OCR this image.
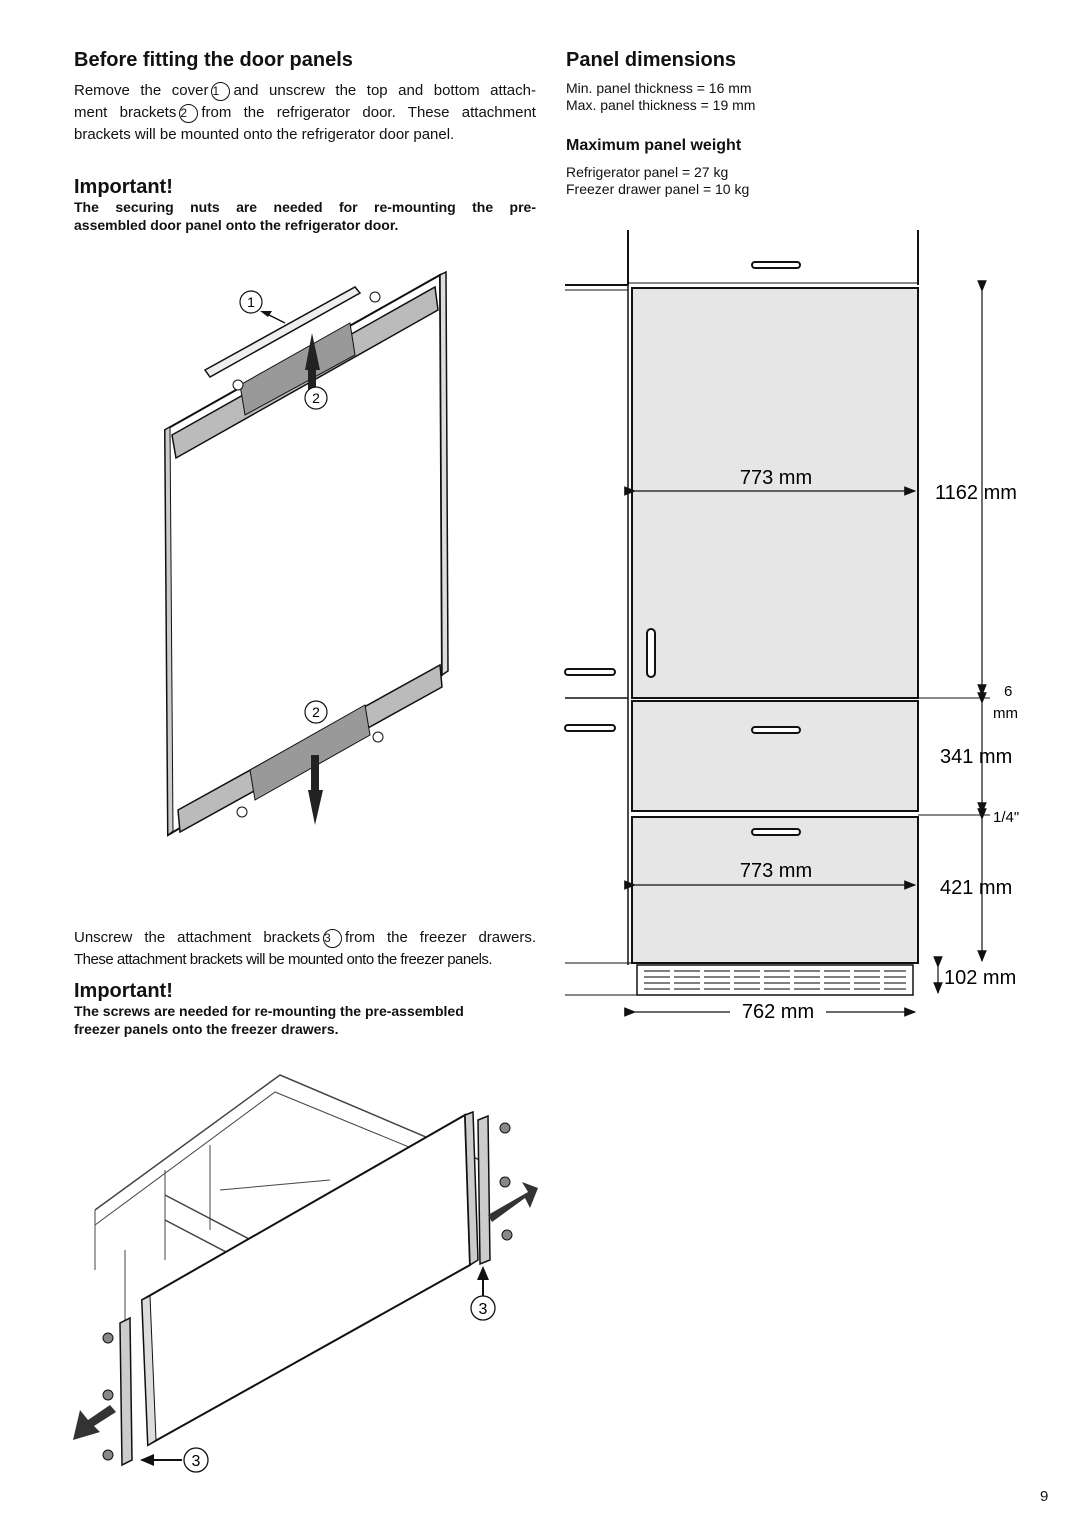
Before fitting the door panels
Remove the cover 1 and unscrew the top and bottom attach-
ment brackets 2 from the refrigerator door. These attachment
brackets will be mounted onto the refrigerator door panel.
Important!
The securing nuts are needed for re-mounting the pre-
assembled door panel onto the refrigerator door.
1
2
2
Unscrew the attachment brackets 3 from the freezer drawers.
These attachment brackets will be mounted onto the freezer panels.
Important!
The screws are needed for re-mounting the pre-assembled
freezer panels onto the freezer drawers.
3
3
Panel dimensions
Min. panel thickness = 16 mm
Max. panel thickness = 19 mm
Maximum panel weight
Refrigerator panel = 27 kg
Freezer drawer panel = 10 kg
773 mm
773 mm
762 mm
1162 mm
6
mm
341 mm
1/4"
421 mm
102 mm
9
